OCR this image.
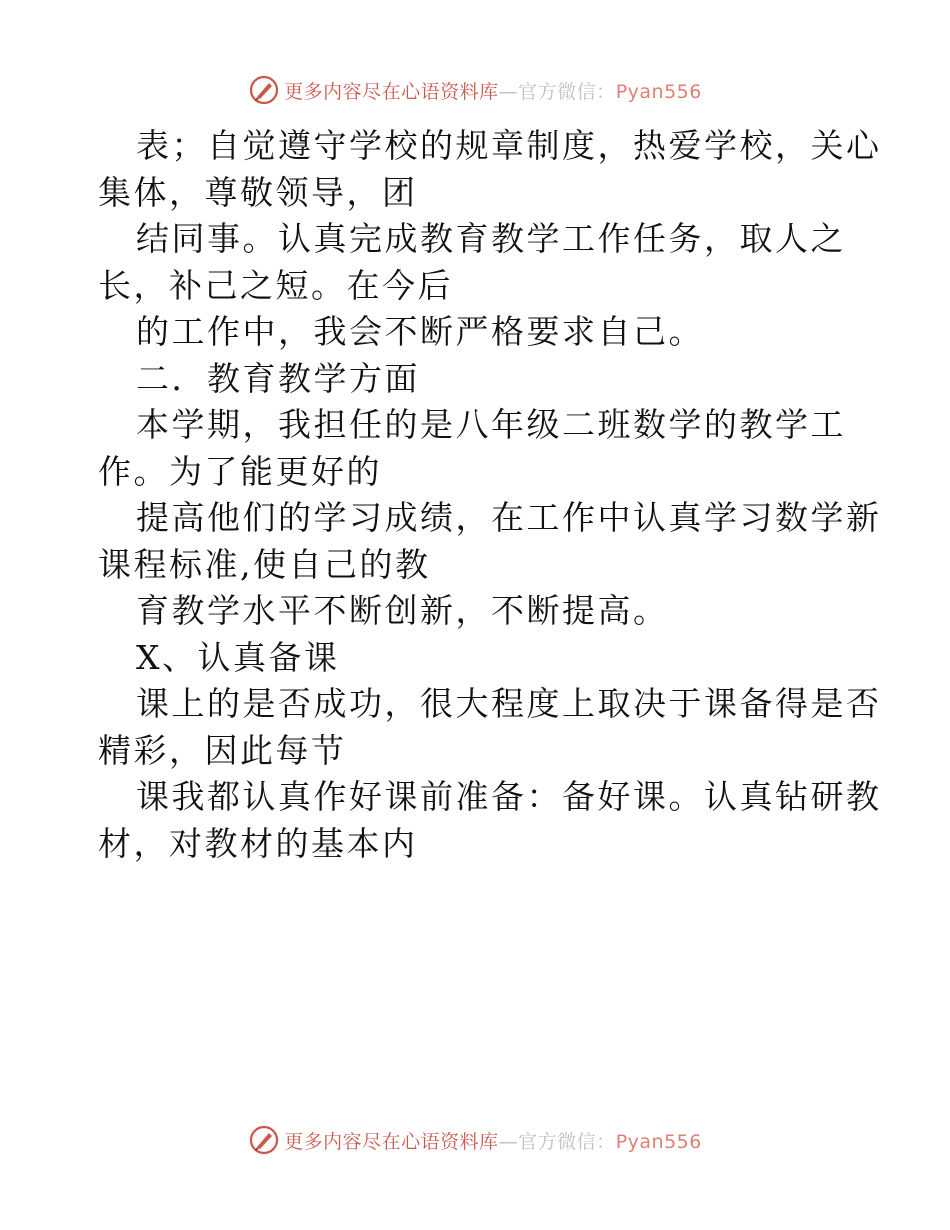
更多内容尽在心语资料库—官方微信：Pyan556
表；自觉遵守学校的规章制度，热爱学校，关心
集体，尊敬领导，团
结同事。认真完成教育教学工作任务，取人之
长，补己之短。在今后
的工作中，我会不断严格要求自己。
二．教育教学方面
本学期，我担任的是八年级二班数学的教学工
作。为了能更好的
提高他们的学习成绩，在工作中认真学习数学新
课程标准,使自己的教
育教学水平不断创新，不断提高。
X、认真备课
课上的是否成功，很大程度上取决于课备得是否
精彩，因此每节
课我都认真作好课前准备：备好课。认真钻研教
材，对教材的基本内
更多内容尽在心语资料库—官方微信：Pyan556
